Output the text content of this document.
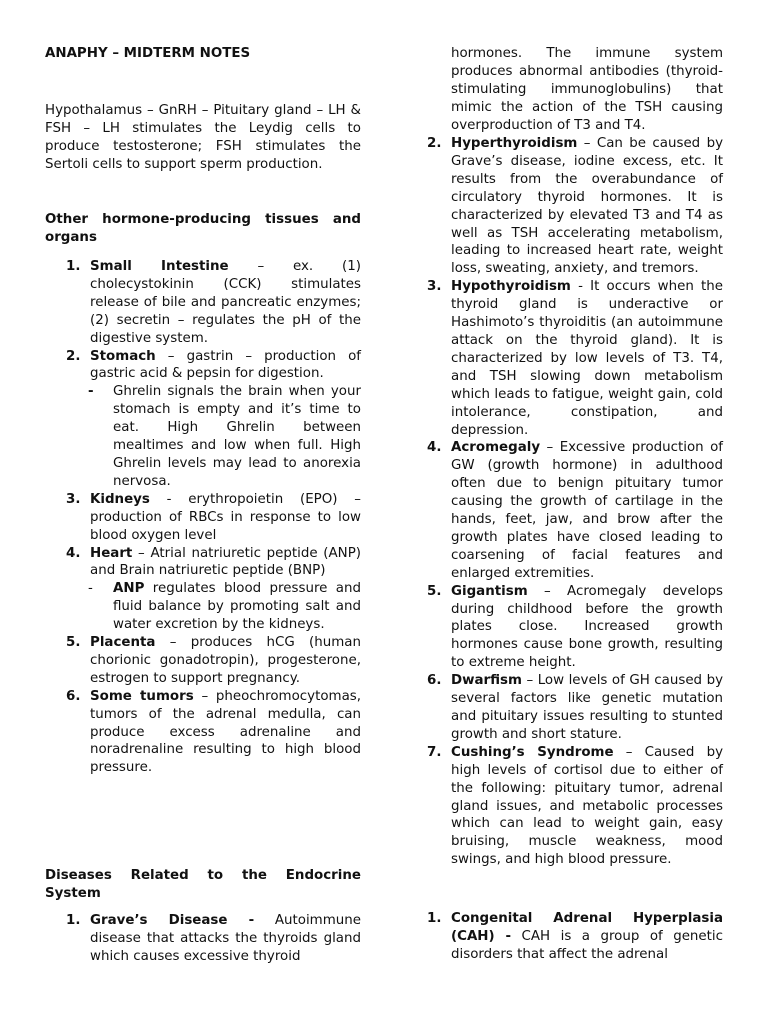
ANAPHY – MIDTERM NOTES

Hypothalamus – GnRH – Pituitary gland – LH & FSH – LH stimulates the Leydig cells to produce testosterone; FSH stimulates the Sertoli cells to support sperm production.

Other hormone-producing tissues and organs

1. Small Intestine – ex. (1) cholecystokinin (CCK) stimulates release of bile and pancreatic enzymes; (2) secretin – regulates the pH of the digestive system.

2. Stomach – gastrin – production of gastric acid & pepsin for digestion.

- Ghrelin signals the brain when your stomach is empty and it’s time to eat. High Ghrelin between mealtimes and low when full. High Ghrelin levels may lead to anorexia nervosa.

3. Kidneys - erythropoietin (EPO) – production of RBCs in response to low blood oxygen level

4. Heart – Atrial natriuretic peptide (ANP) and Brain natriuretic peptide (BNP)

- ANP regulates blood pressure and fluid balance by promoting salt and water excretion by the kidneys.

5. Placenta – produces hCG (human chorionic gonadotropin), progesterone, estrogen to support pregnancy.

6. Some tumors – pheochromocytomas, tumors of the adrenal medulla, can produce excess adrenaline and noradrenaline resulting to high blood pressure.

Diseases Related to the Endocrine System

1. Grave’s Disease - Autoimmune disease that attacks the thyroids gland which causes excessive thyroid

hormones. The immune system produces abnormal antibodies (thyroid-stimulating immunoglobulins) that mimic the action of the TSH causing overproduction of T3 and T4.

2. Hyperthyroidism – Can be caused by Grave’s disease, iodine excess, etc. It results from the overabundance of circulatory thyroid hormones. It is characterized by elevated T3 and T4 as well as TSH accelerating metabolism, leading to increased heart rate, weight loss, sweating, anxiety, and tremors.

3. Hypothyroidism - It occurs when the thyroid gland is underactive or Hashimoto’s thyroiditis (an autoimmune attack on the thyroid gland). It is characterized by low levels of T3. T4, and TSH slowing down metabolism which leads to fatigue, weight gain, cold intolerance, constipation, and depression.

4. Acromegaly – Excessive production of GW (growth hormone) in adulthood often due to benign pituitary tumor causing the growth of cartilage in the hands, feet, jaw, and brow after the growth plates have closed leading to coarsening of facial features and enlarged extremities.

5. Gigantism – Acromegaly develops during childhood before the growth plates close. Increased growth hormones cause bone growth, resulting to extreme height.

6. Dwarfism – Low levels of GH caused by several factors like genetic mutation and pituitary issues resulting to stunted growth and short stature.

7. Cushing’s Syndrome – Caused by high levels of cortisol due to either of the following: pituitary tumor, adrenal gland issues, and metabolic processes which can lead to weight gain, easy bruising, muscle weakness, mood swings, and high blood pressure.

1. Congenital Adrenal Hyperplasia (CAH) - CAH is a group of genetic disorders that affect the adrenal
